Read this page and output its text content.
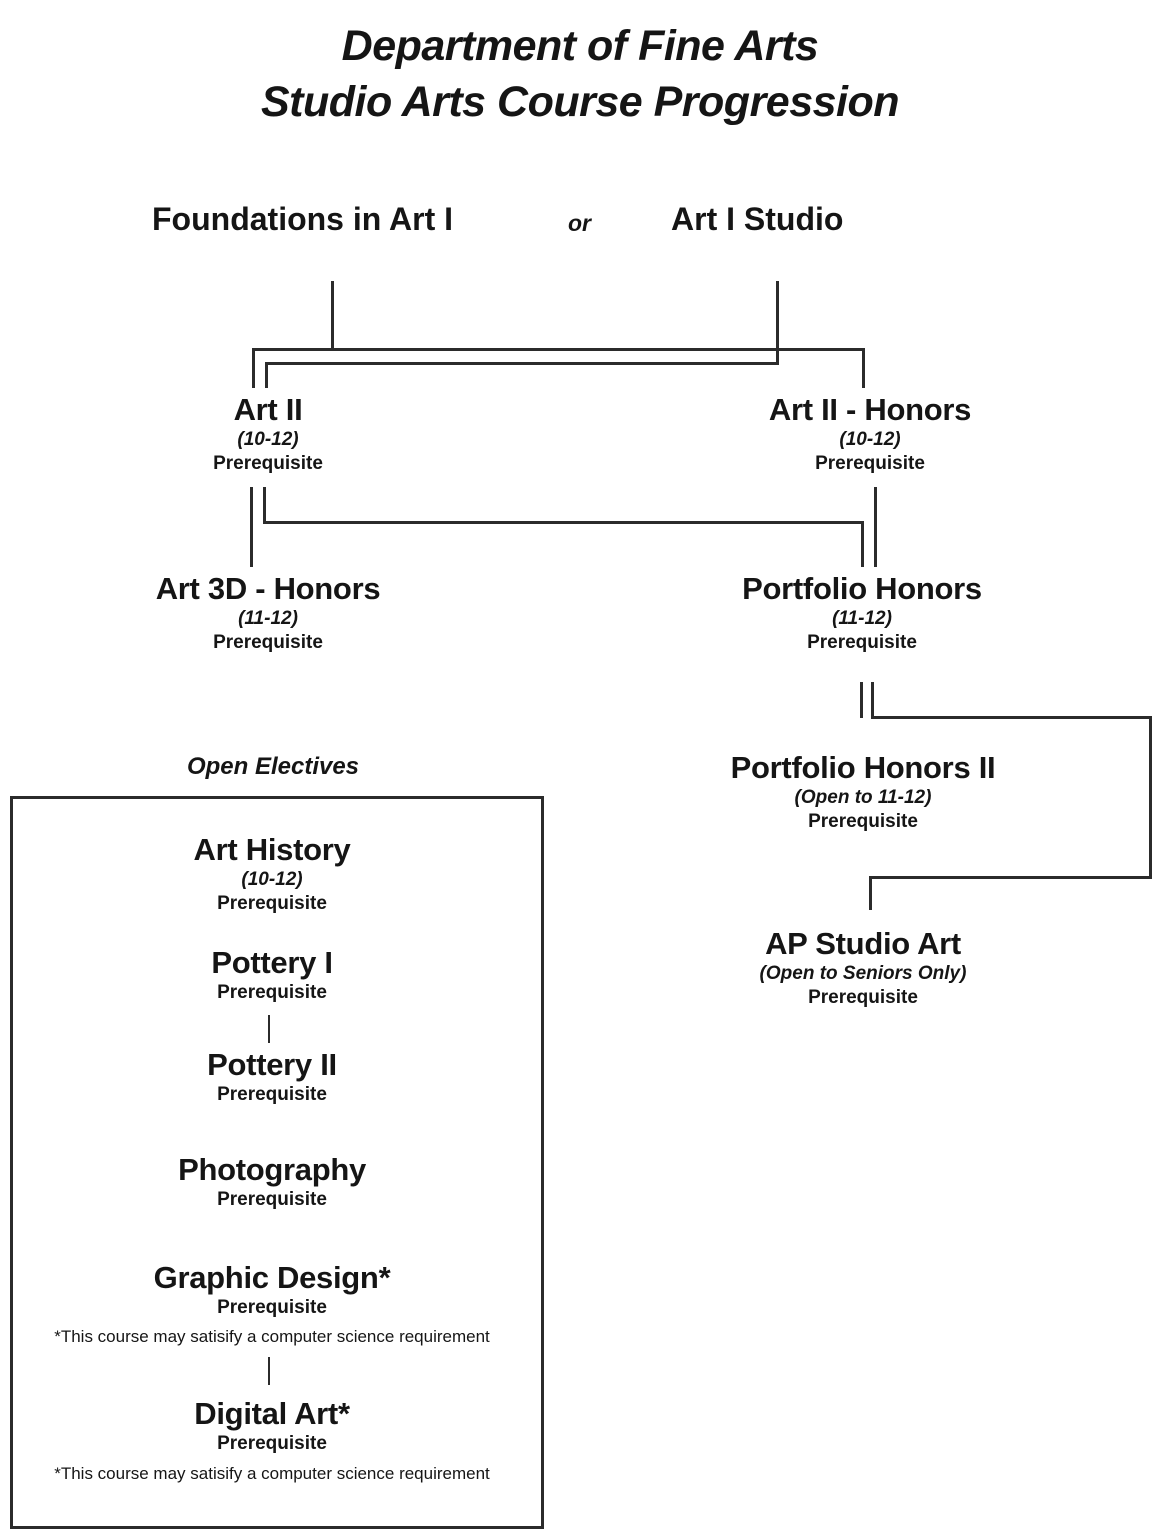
Department of Fine Arts
Studio Arts Course Progression
Foundations in Art I	or	Art I Studio
Art II
(10-12)
Prerequisite
Art II - Honors
(10-12)
Prerequisite
Art 3D - Honors
(11-12)
Prerequisite
Portfolio Honors
(11-12)
Prerequisite
Portfolio Honors II
(Open to 11-12)
Prerequisite
AP Studio Art
(Open to Seniors Only)
Prerequisite
Open Electives
Art History
(10-12)
Prerequisite
Pottery I
Prerequisite
Pottery II
Prerequisite
Photography
Prerequisite
Graphic Design*
Prerequisite
*This course may satisify a computer science requirement
Digital Art*
Prerequisite
*This course may satisify a computer science requirement
